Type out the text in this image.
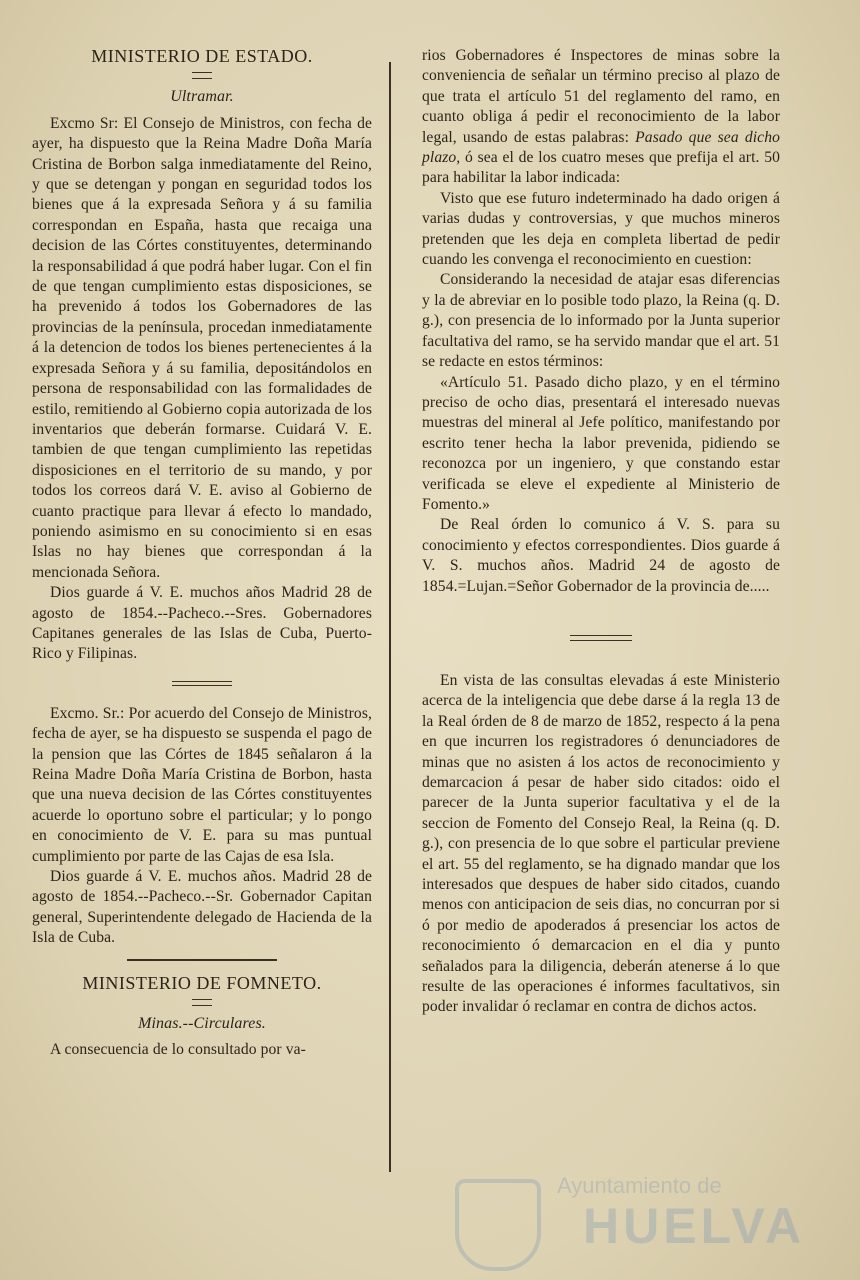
MINISTERIO DE ESTADO.
Ultramar.

Excmo Sr: El Consejo de Ministros, con fecha de ayer, ha dispuesto que la Reina Madre Doña María Cristina de Borbon salga inmediatamente del Reino, y que se detengan y pongan en seguridad todos los bienes que á la expresada Señora y á su familia correspondan en España, hasta que recaiga una decision de las Córtes constituyentes, determinando la responsabilidad á que podrá haber lugar. Con el fin de que tengan cumplimiento estas disposiciones, se ha prevenido á todos los Gobernadores de las provincias de la península, procedan inmediatamente á la detencion de todos los bienes pertenecientes á la expresada Señora y á su familia, depositándolos en persona de responsabilidad con las formalidades de estilo, remitiendo al Gobierno copia autorizada de los inventarios que deberán formarse. Cuidará V. E. tambien de que tengan cumplimiento las repetidas disposiciones en el territorio de su mando, y por todos los correos dará V. E. aviso al Gobierno de cuanto practique para llevar á efecto lo mandado, poniendo asimismo en su conocimiento si en esas Islas no hay bienes que correspondan á la mencionada Señora.

Dios guarde á V. E. muchos años Madrid 28 de agosto de 1854.--Pacheco.--Sres. Gobernadores Capitanes generales de las Islas de Cuba, Puerto-Rico y Filipinas.

Excmo. Sr.: Por acuerdo del Consejo de Ministros, fecha de ayer, se ha dispuesto se suspenda el pago de la pension que las Córtes de 1845 señalaron á la Reina Madre Doña María Cristina de Borbon, hasta que una nueva decision de las Córtes constituyentes acuerde lo oportuno sobre el particular; y lo pongo en conocimiento de V. E. para su mas puntual cumplimiento por parte de las Cajas de esa Isla.

Dios guarde á V. E. muchos años. Madrid 28 de agosto de 1854.--Pacheco.--Sr. Gobernador Capitan general, Superintendente delegado de Hacienda de la Isla de Cuba.

MINISTERIO DE FOMNETO.
Minas.--Circulares.

A consecuencia de lo consultado por va-

rios Gobernadores é Inspectores de minas sobre la conveniencia de señalar un término preciso al plazo de que trata el artículo 51 del reglamento del ramo, en cuanto obliga á pedir el reconocimiento de la labor legal, usando de estas palabras: Pasado que sea dicho plazo, ó sea el de los cuatro meses que prefija el art. 50 para habilitar la labor indicada:

Visto que ese futuro indeterminado ha dado origen á varias dudas y controversias, y que muchos mineros pretenden que les deja en completa libertad de pedir cuando les convenga el reconocimiento en cuestion:

Considerando la necesidad de atajar esas diferencias y la de abreviar en lo posible todo plazo, la Reina (q. D. g.), con presencia de lo informado por la Junta superior facultativa del ramo, se ha servido mandar que el art. 51 se redacte en estos términos:

«Artículo 51. Pasado dicho plazo, y en el término preciso de ocho dias, presentará el interesado nuevas muestras del mineral al Jefe político, manifestando por escrito tener hecha la labor prevenida, pidiendo se reconozca por un ingeniero, y que constando estar verificada se eleve el expediente al Ministerio de Fomento.»

De Real órden lo comunico á V. S. para su conocimiento y efectos correspondientes. Dios guarde á V. S. muchos años. Madrid 24 de agosto de 1854.=Lujan.=Señor Gobernador de la provincia de.....

En vista de las consultas elevadas á este Ministerio acerca de la inteligencia que debe darse á la regla 13 de la Real órden de 8 de marzo de 1852, respecto á la pena en que incurren los registradores ó denunciadores de minas que no asisten á los actos de reconocimiento y demarcacion á pesar de haber sido citados: oido el parecer de la Junta superior facultativa y el de la seccion de Fomento del Consejo Real, la Reina (q. D. g.), con presencia de lo que sobre el particular previene el art. 55 del reglamento, se ha dignado mandar que los interesados que despues de haber sido citados, cuando menos con anticipacion de seis dias, no concurran por si ó por medio de apoderados á presenciar los actos de reconocimiento ó demarcacion en el dia y punto señalados para la diligencia, deberán atenerse á lo que resulte de las operaciones é informes facultativos, sin poder invalidar ó reclamar en contra de dichos actos.

Ayuntamiento de
HUELVA
